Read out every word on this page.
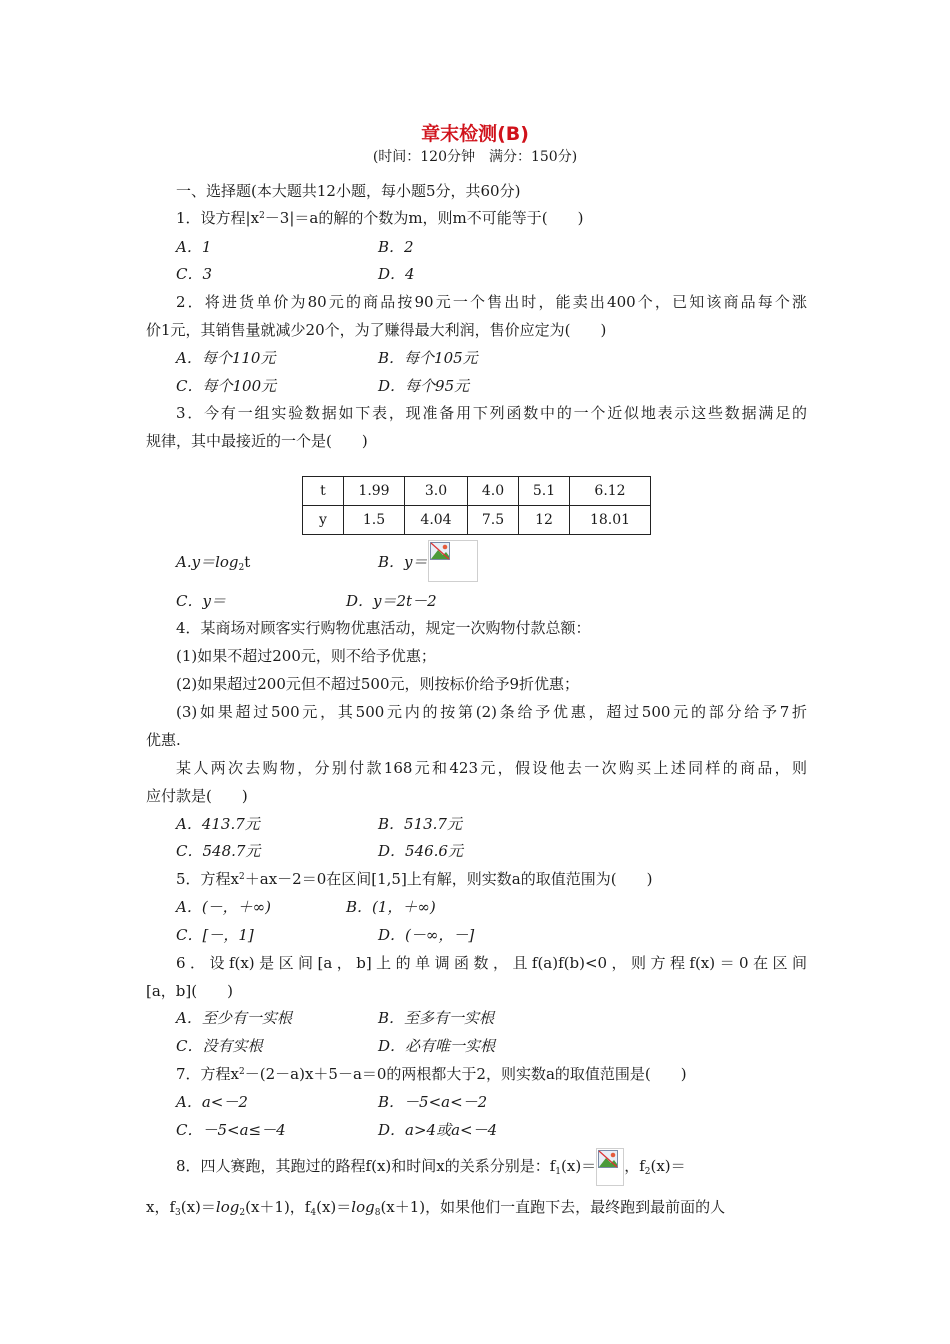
章末检测(B)
(时间：120分钟　满分：150分)
一、选择题(本大题共12小题，每小题5分，共60分)
1．设方程$|x^2-3|=a$的解的个数为m，则m不可能等于(　　)
A．1	B．2
C．3	D．4
2．将进货单价为80元的商品按90元一个售出时，能卖出400个，已知该商品每个涨
价1元，其销售量就减少20个，为了赚得最大利润，售价应定为(　　)
A．每个110元	B．每个105元
C．每个100元	D．每个95元
3．今有一组实验数据如下表，现准备用下列函数中的一个近似地表示这些数据满足的
规律，其中最接近的一个是(　　)
t	1.99	3.0	4.0	5.1	6.12
y	1.5	4.04	7.5	12	18.01
$A.y=\log_2t$	B．y＝
C．y＝	D．y＝2t－2
4．某商场对顾客实行购物优惠活动，规定一次购物付款总额：
(1)如果不超过200元，则不给予优惠；
(2)如果超过200元但不超过500元，则按标价给予9折优惠；
(3)如果超过500元，其500元内的按第(2)条给予优惠，超过500元的部分给予7折
优惠.
某人两次去购物，分别付款168元和423元，假设他去一次购买上述同样的商品，则
应付款是(　　)
A．413.7元	B．513.7元
C．548.7元	D．546.6元
5．方程$x^2+ax-2=0$在区间[1,5]上有解，则实数a的取值范围为(　　)
A．(－，＋∞)	B．(1，＋∞)
C．[－，1]	D．(－∞，－]
6．设f(x)是区间[a，b]上的单调函数，且f(a)f(b)<0，则方程f(x)＝0在区间
[a，b](　　)
A．至少有一实根	B．至多有一实根
C．没有实根	D．必有唯一实根
7．方程$x^2-(2-a)x+5-a=0$的两根都大于2，则实数a的取值范围是(　　)
A．a<－2	B．－5<a<－2
C．－5<a≤－4	D．a>4或a<－4
8．四人赛跑，其跑过的路程f(x)和时间x的关系分别是：$f_1(x)=$ ，$f_2(x)=$
x，$f_3(x)=\log_2(x+1)$，$f_4(x)=\log_8(x+1)$，如果他们一直跑下去，最终跑到最前面的人
